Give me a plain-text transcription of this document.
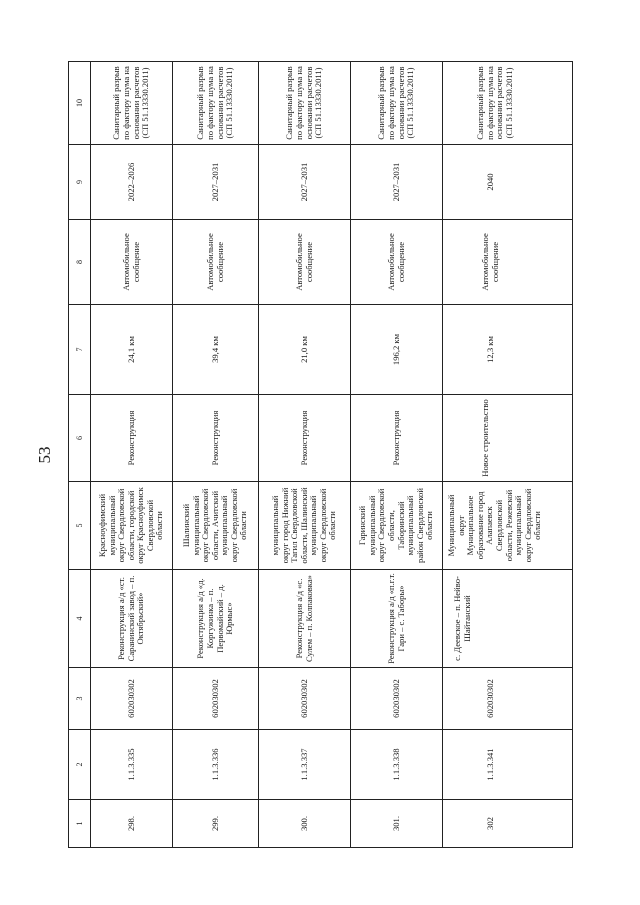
53
1	2	3	4	5	6	7	8	9	10
298.	1.1.3.335	602030302	Реконструкция а/д «ст. Саранинский завод – п. Октябрьский»	Красноуфимский муниципальный округ Свердловской области, городской округ Красноуфимск Свердловской области	Реконструкция	24,1 км	Автомобильное сообщение	2022–2026	Санитарный разрыв по фактору шума на основании расчетов (СП 51.13330.2011)
299.	1.1.3.336	602030302	Реконструкция а/д «д. Коргужинка – п. Первомайский – д. Юрмыс»	Шалинский муниципальный округ Свердловской области, Ачитский муниципальный округ Свердловской области	Реконструкция	39,4 км	Автомобильное сообщение	2027–2031	Санитарный разрыв по фактору шума на основании расчетов (СП 51.13330.2011)
300.	1.1.3.337	602030302	Реконструкция а/д «с. Сулем – п. Колпаковка»	муниципальный округ город Нижний Тагил Свердловской области, Шалинский муниципальный округ Свердловской области	Реконструкция	21,0 км	Автомобильное сообщение	2027–2031	Санитарный разрыв по фактору шума на основании расчетов (СП 51.13330.2011)
301.	1.1.3.338	602030302	Реконструкция а/д «п.г.т. Гари – с. Таборы»	Гаринский муниципальный округ Свердловской области, Таборинский муниципальный район Свердловской области	Реконструкция	196,2 км	Автомобильное сообщение	2027–2031	Санитарный разрыв по фактору шума на основании расчетов (СП 51.13330.2011)
302	1.1.3.341	602030302	с. Деевское – п. Нейво-Шайтанский	Муниципальный округ Муниципальное образование город Алапаевск Свердловской области, Режевской муниципальный округ Свердловской области	Новое строительство	12,3 км	Автомобильное сообщение	2040	Санитарный разрыв по фактору шума на основании расчетов (СП 51.13330.2011)
